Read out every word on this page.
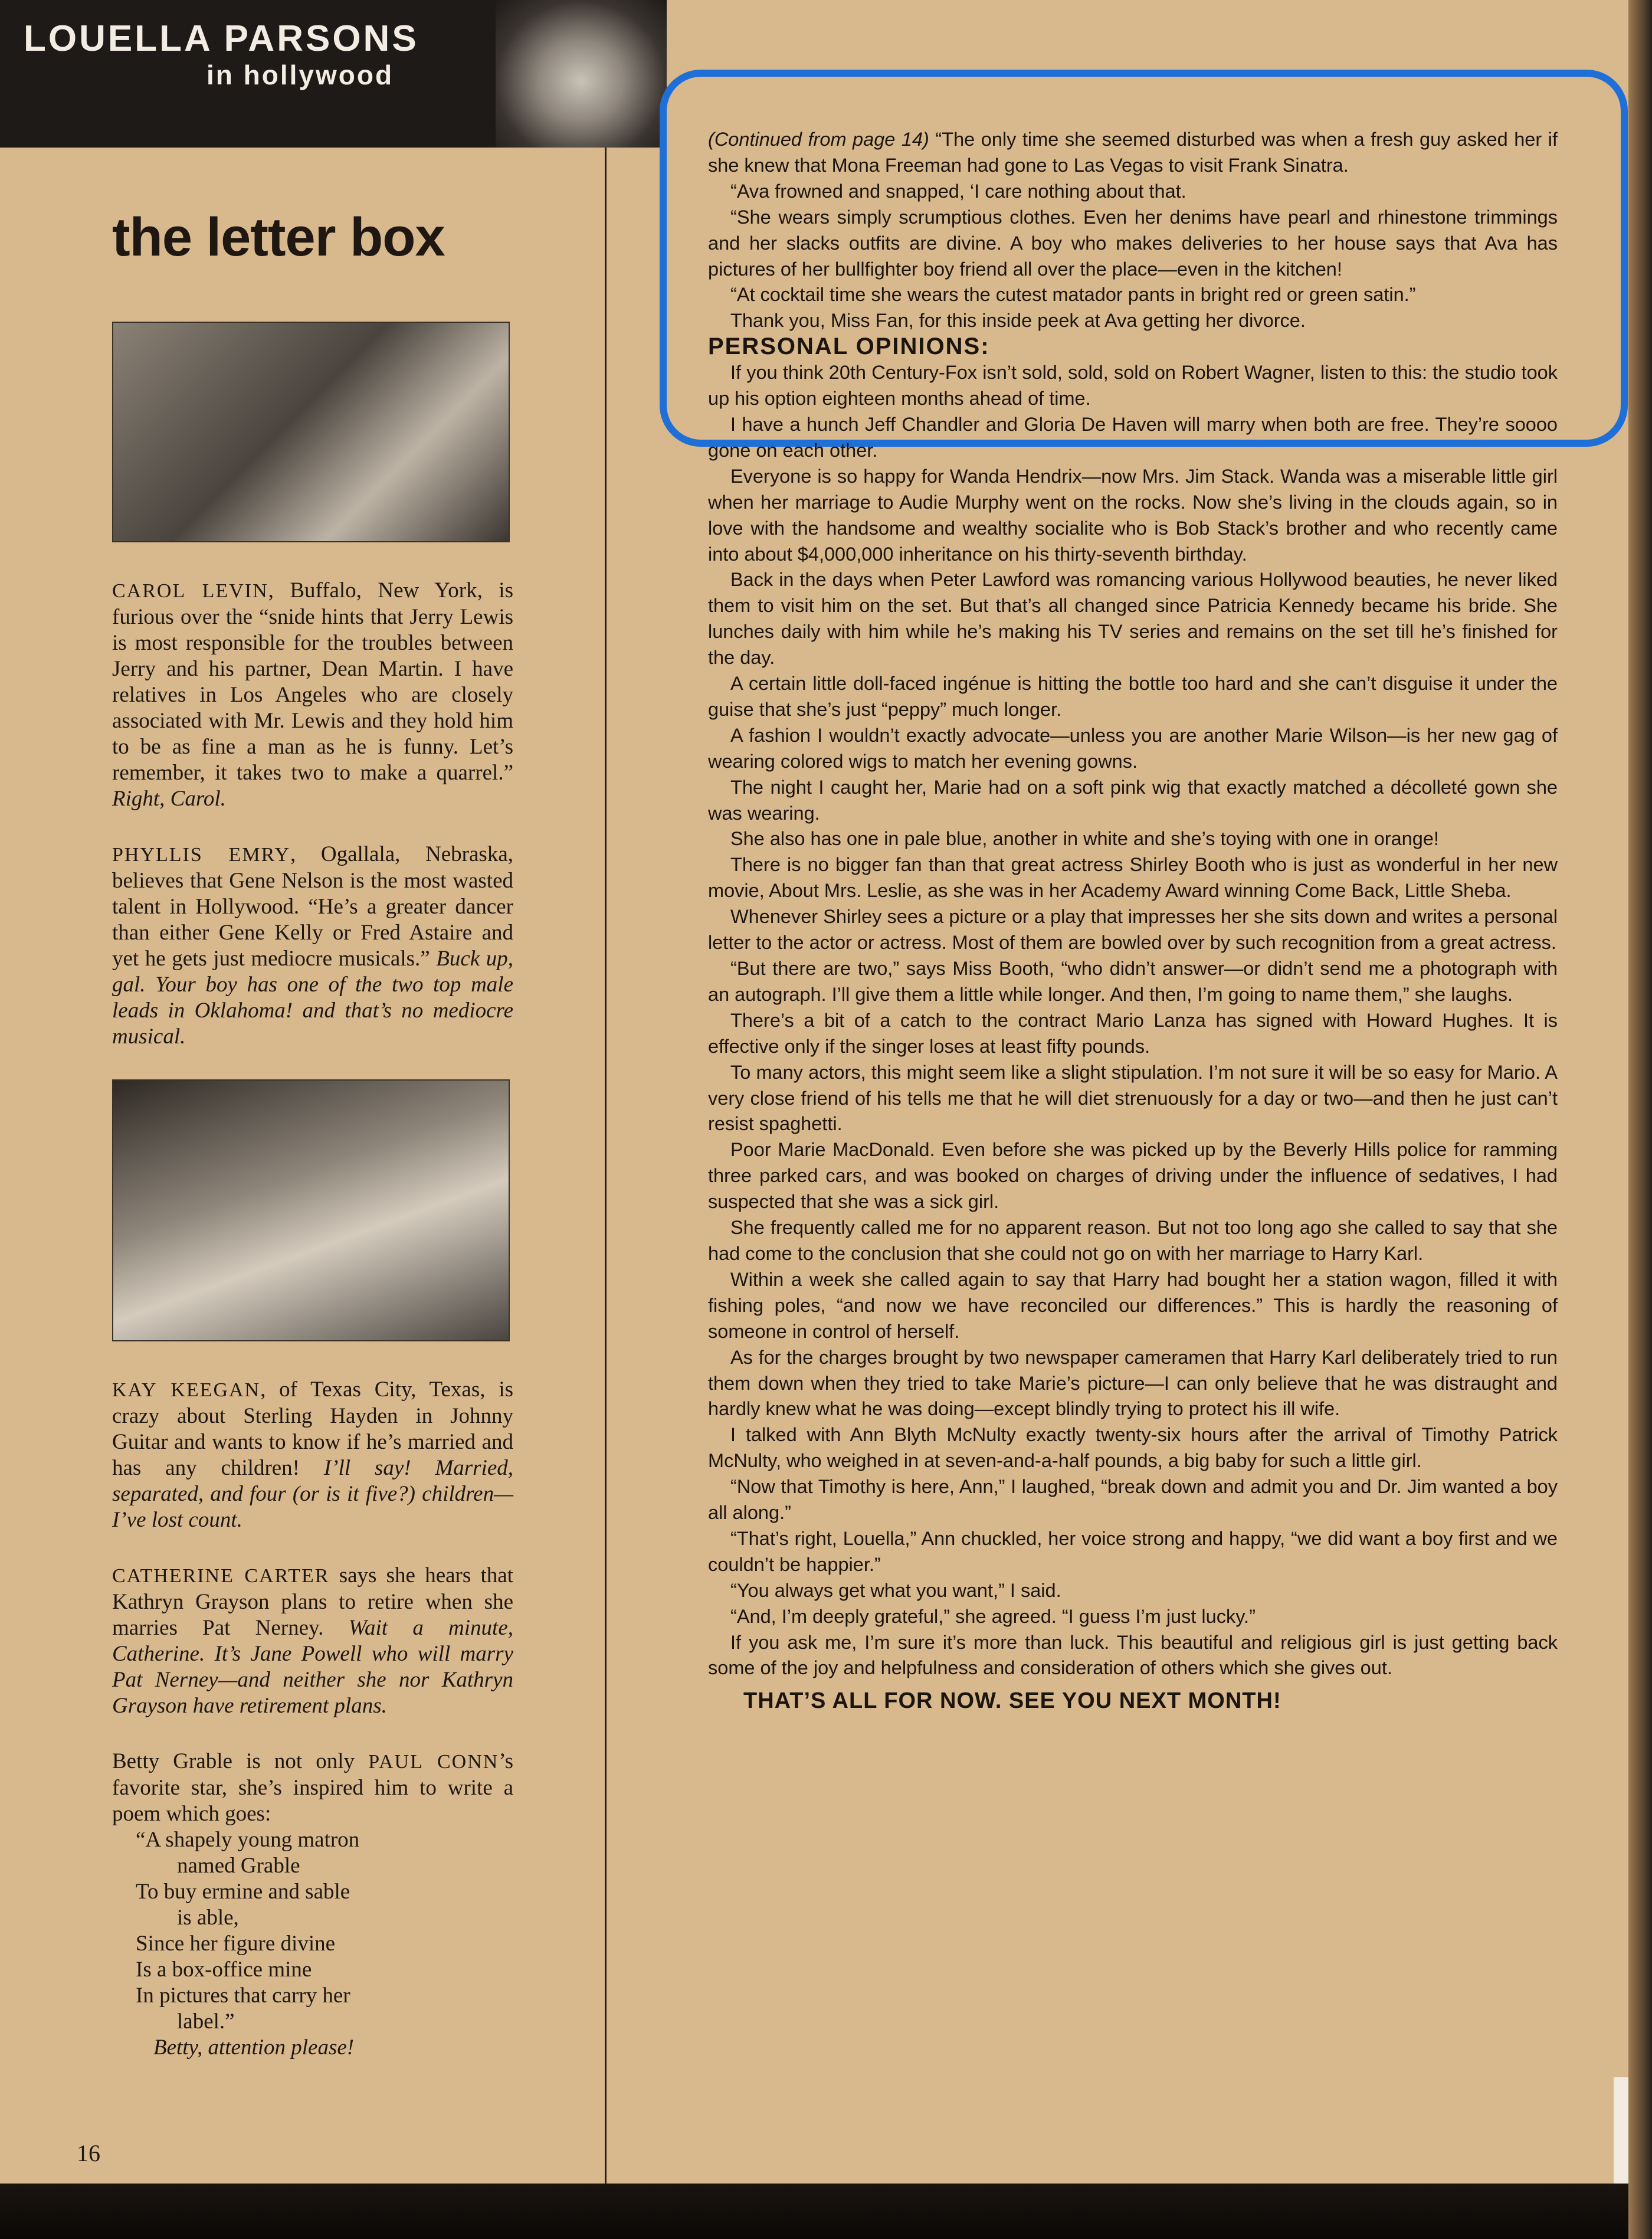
LOUELLA PARSONS
in hollywood
the letter box

CAROL LEVIN, Buffalo, New York, is furious over the “snide hints that Jerry Lewis is most responsible for the troubles between Jerry and his partner, Dean Martin. I have relatives in Los Angeles who are closely associated with Mr. Lewis and they hold him to be as fine a man as he is funny. Let’s remember, it takes two to make a quarrel.” Right, Carol.

PHYLLIS EMRY, Ogallala, Nebraska, believes that Gene Nelson is the most wasted talent in Hollywood. “He’s a greater dancer than either Gene Kelly or Fred Astaire and yet he gets just mediocre musicals.” Buck up, gal. Your boy has one of the two top male leads in Oklahoma! and that’s no mediocre musical.

KAY KEEGAN, of Texas City, Texas, is crazy about Sterling Hayden in Johnny Guitar and wants to know if he’s married and has any children! I’ll say! Married, separated, and four (or is it five?) children—I’ve lost count.

CATHERINE CARTER says she hears that Kathryn Grayson plans to retire when she marries Pat Nerney. Wait a minute, Catherine. It’s Jane Powell who will marry Pat Nerney—and neither she nor Kathryn Grayson have retirement plans.

Betty Grable is not only PAUL CONN’s favorite star, she’s inspired him to write a poem which goes:

“A shapely young matron
named Grable
To buy ermine and sable
is able,
Since her figure divine
Is a box-office mine
In pictures that carry her
label.”
Betty, attention please!
16

(Continued from page 14) “The only time she seemed disturbed was when a fresh guy asked her if she knew that Mona Freeman had gone to Las Vegas to visit Frank Sinatra.

“Ava frowned and snapped, ‘I care nothing about that.

“She wears simply scrumptious clothes. Even her denims have pearl and rhinestone trimmings and her slacks outfits are divine. A boy who makes deliveries to her house says that Ava has pictures of her bullfighter boy friend all over the place—even in the kitchen!

“At cocktail time she wears the cutest matador pants in bright red or green satin.”

Thank you, Miss Fan, for this inside peek at Ava getting her divorce.

PERSONAL OPINIONS:

If you think 20th Century-Fox isn’t sold, sold, sold on Robert Wagner, listen to this: the studio took up his option eighteen months ahead of time.

I have a hunch Jeff Chandler and Gloria De Haven will marry when both are free. They’re soooo gone on each other.

Everyone is so happy for Wanda Hendrix—now Mrs. Jim Stack. Wanda was a miserable little girl when her marriage to Audie Murphy went on the rocks. Now she’s living in the clouds again, so in love with the handsome and wealthy socialite who is Bob Stack’s brother and who recently came into about $4,000,000 inheritance on his thirty-seventh birthday.

Back in the days when Peter Lawford was romancing various Hollywood beauties, he never liked them to visit him on the set. But that’s all changed since Patricia Kennedy became his bride. She lunches daily with him while he’s making his TV series and remains on the set till he’s finished for the day.

A certain little doll-faced ingénue is hitting the bottle too hard and she can’t disguise it under the guise that she’s just “peppy” much longer.

A fashion I wouldn’t exactly advocate—unless you are another Marie Wilson—is her new gag of wearing colored wigs to match her evening gowns.

The night I caught her, Marie had on a soft pink wig that exactly matched a décolleté gown she was wearing.

She also has one in pale blue, another in white and she’s toying with one in orange!

There is no bigger fan than that great actress Shirley Booth who is just as wonderful in her new movie, About Mrs. Leslie, as she was in her Academy Award winning Come Back, Little Sheba.

Whenever Shirley sees a picture or a play that impresses her she sits down and writes a personal letter to the actor or actress. Most of them are bowled over by such recognition from a great actress.

“But there are two,” says Miss Booth, “who didn’t answer—or didn’t send me a photograph with an autograph. I’ll give them a little while longer. And then, I’m going to name them,” she laughs.

There’s a bit of a catch to the contract Mario Lanza has signed with Howard Hughes. It is effective only if the singer loses at least fifty pounds.

To many actors, this might seem like a slight stipulation. I’m not sure it will be so easy for Mario. A very close friend of his tells me that he will diet strenuously for a day or two—and then he just can’t resist spaghetti.

Poor Marie MacDonald. Even before she was picked up by the Beverly Hills police for ramming three parked cars, and was booked on charges of driving under the influence of sedatives, I had suspected that she was a sick girl.

She frequently called me for no apparent reason. But not too long ago she called to say that she had come to the conclusion that she could not go on with her marriage to Harry Karl.

Within a week she called again to say that Harry had bought her a station wagon, filled it with fishing poles, “and now we have reconciled our differences.” This is hardly the reasoning of someone in control of herself.

As for the charges brought by two newspaper cameramen that Harry Karl deliberately tried to run them down when they tried to take Marie’s picture—I can only believe that he was distraught and hardly knew what he was doing—except blindly trying to protect his ill wife.

I talked with Ann Blyth McNulty exactly twenty-six hours after the arrival of Timothy Patrick McNulty, who weighed in at seven-and-a-half pounds, a big baby for such a little girl.

“Now that Timothy is here, Ann,” I laughed, “break down and admit you and Dr. Jim wanted a boy all along.”

“That’s right, Louella,” Ann chuckled, her voice strong and happy, “we did want a boy first and we couldn’t be happier.”

“You always get what you want,” I said.

“And, I’m deeply grateful,” she agreed. “I guess I’m just lucky.”

If you ask me, I’m sure it’s more than luck. This beautiful and religious girl is just getting back some of the joy and helpfulness and consideration of others which she gives out.

THAT’S ALL FOR NOW. SEE YOU NEXT MONTH!
